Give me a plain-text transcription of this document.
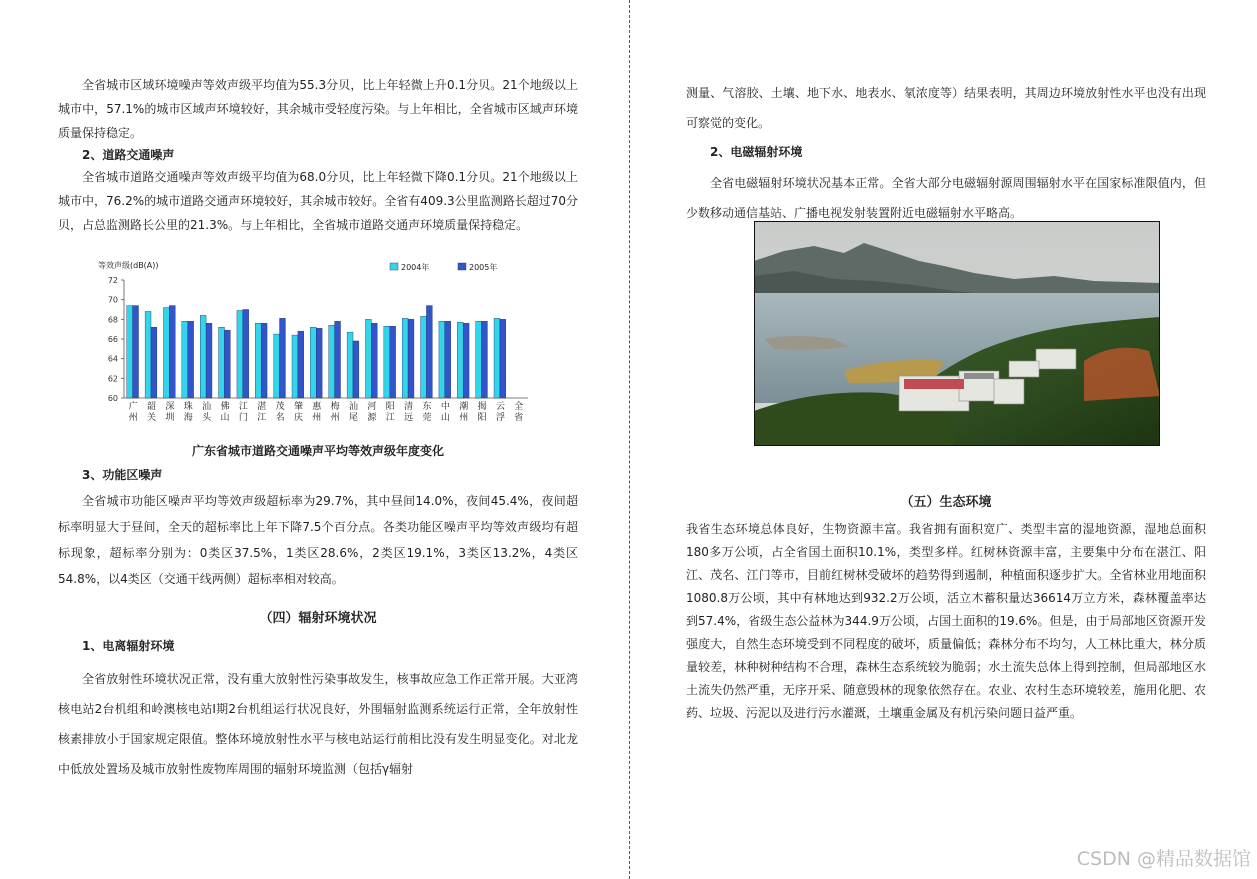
全省城市区域环境噪声等效声级平均值为55.3分贝，比上年轻微上升0.1分贝。21个地级以上城市中，57.1%的城市区域声环境较好，其余城市受轻度污染。与上年相比，全省城市区域声环境质量保持稳定。

2、道路交通噪声

全省城市道路交通噪声等效声级平均值为68.0分贝，比上年轻微下降0.1分贝。21个地级以上城市中，76.2%的城市道路交通声环境较好，其余城市较好。全省有409.3公里监测路长超过70分贝，占总监测路长公里的21.3%。与上年相比，全省城市道路交通声环境质量保持稳定。

等效声级(dB(A))	2004年	2005年
60
62
64
66
68
70
72
广
州
韶
关
深
圳
珠
海
汕
头
佛
山
江
门
湛
江
茂
名
肇
庆
惠
州
梅
州
汕
尾
河
源
阳
江
清
远
东
莞
中
山
潮
州
揭
阳
云
浮
全
省
广东省城市道路交通噪声平均等效声级年度变化
3、功能区噪声

全省城市功能区噪声平均等效声级超标率为29.7%，其中昼间14.0%，夜间45.4%，夜间超标率明显大于昼间，全天的超标率比上年下降7.5个百分点。各类功能区噪声平均等效声级均有超标现象，超标率分别为：0类区37.5%，1类区28.6%，2类区19.1%，3类区13.2%，4类区54.8%，以4类区（交通干线两侧）超标率相对较高。

（四）辐射环境状况
1、电离辐射环境

全省放射性环境状况正常，没有重大放射性污染事故发生，核事故应急工作正常开展。大亚湾核电站2台机组和岭澳核电站Ⅰ期2台机组运行状况良好，外围辐射监测系统运行正常，全年放射性核素排放小于国家规定限值。整体环境放射性水平与核电站运行前相比没有发生明显变化。对北龙中低放处置场及城市放射性废物库周围的辐射环境监测（包括γ辐射

测量、气溶胶、土壤、地下水、地表水、氡浓度等）结果表明，其周边环境放射性水平也没有出现可察觉的变化。

2、电磁辐射环境

全省电磁辐射环境状况基本正常。全省大部分电磁辐射源周围辐射水平在国家标准限值内，但少数移动通信基站、广播电视发射装置附近电磁辐射水平略高。

（五）生态环境

我省生态环境总体良好，生物资源丰富。我省拥有面积宽广、类型丰富的湿地资源，湿地总面积180多万公顷，占全省国土面积10.1%，类型多样。红树林资源丰富，主要集中分布在湛江、阳江、茂名、江门等市，目前红树林受破坏的趋势得到遏制，种植面积逐步扩大。全省林业用地面积1080.8万公顷，其中有林地达到932.2万公顷，活立木蓄积量达36614万立方米，森林覆盖率达到57.4%，省级生态公益林为344.9万公顷，占国土面积的19.6%。但是，由于局部地区资源开发强度大，自然生态环境受到不同程度的破坏，质量偏低；森林分布不均匀，人工林比重大，林分质量较差，林种树种结构不合理，森林生态系统较为脆弱；水土流失总体上得到控制，但局部地区水土流失仍然严重，无序开采、随意毁林的现象依然存在。农业、农村生态环境较差，施用化肥、农药、垃圾、污泥以及进行污水灌溉，土壤重金属及有机污染问题日益严重。

CSDN @精品数据馆
